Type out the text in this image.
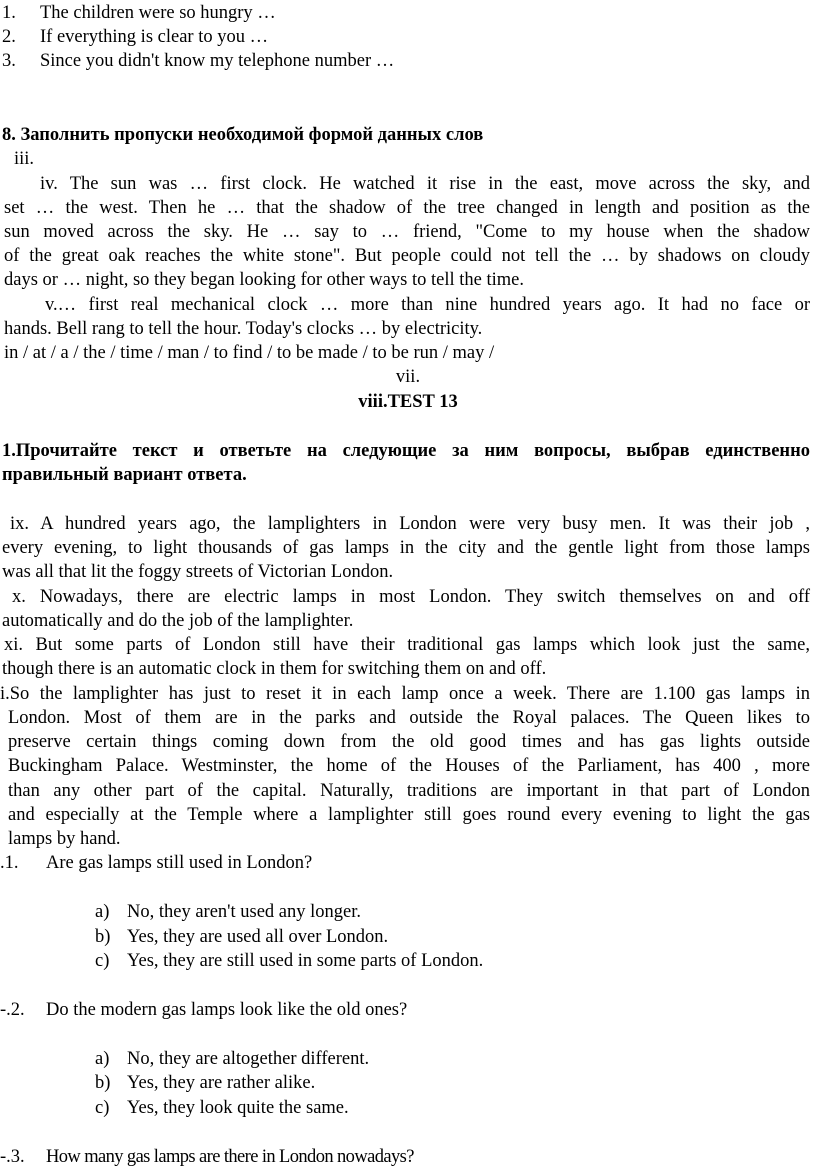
1. The children were so hungry …
2. If everything is clear to you …
3. Since you didn't know my telephone number …
8. Заполнить пропуски необходимой формой данных слов
iii.
iv. The sun was … first clock. He watched it rise in the east, move across the sky, and
set … the west. Then he … that the shadow of the tree changed in length and position as the
sun moved across the sky. He … say to … friend, "Come to my house when the shadow
of the great oak reaches the white stone". But people could not tell the … by shadows on cloudy
days or … night, so they began looking for other ways to tell the time.
v.… first real mechanical clock … more than nine hundred years ago. It had no face or
hands. Bell rang to tell the hour. Today's clocks … by electricity.
in / at / a / the / time / man / to find / to be made / to be run / may /
vii.
viii.TEST 13
1.Прочитайте текст и ответьте на следующие за ним вопросы, выбрав единственно
правильный вариант ответа.
ix. A hundred years ago, the lamplighters in London were very busy men. It was their job ,
every evening, to light thousands of gas lamps in the city and the gentle light from those lamps
was all that lit the foggy streets of Victorian London.
x. Nowadays, there are electric lamps in most London. They switch themselves on and off
automatically and do the job of the lamplighter.
xi. But some parts of London still have their traditional gas lamps which look just the same,
though there is an automatic clock in them for switching them on and off.
i.So the lamplighter has just to reset it in each lamp once a week. There are 1.100 gas lamps in
London. Most of them are in the parks and outside the Royal palaces. The Queen likes to
preserve certain things coming down from the old good times and has gas lights outside
Buckingham Palace. Westminster, the home of the Houses of the Parliament, has 400 , more
than any other part of the capital. Naturally, traditions are important in that part of London
and especially at the Temple where a lamplighter still goes round every evening to light the gas
lamps by hand.
.1. Are gas lamps still used in London?
a) No, they aren't used any longer.
b) Yes, they are used all over London.
c) Yes, they are still used in some parts of London.
-.2. Do the modern gas lamps look like the old ones?
a) No, they are altogether different.
b) Yes, they are rather alike.
c) Yes, they look quite the same.
-.3. How many gas lamps are there in London nowadays?
